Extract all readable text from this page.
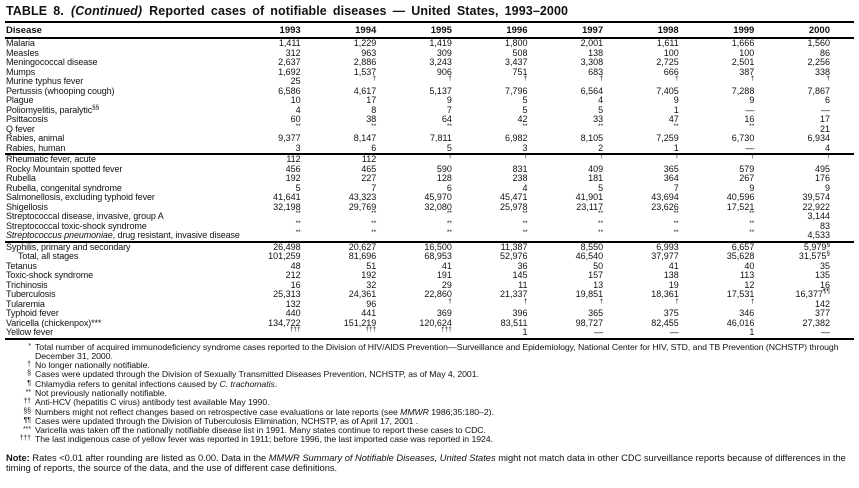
TABLE 8. (Continued) Reported cases of notifiable diseases — United States, 1993–2000
Disease	1993	1994	1995	1996	1997	1998	1999	2000
Malaria	1,411	1,229	1,419	1,800	2,001	1,611	1,666	1,560
Measles	312	963	309	508	138	100	100	86
Meningococcal disease	2,637	2,886	3,243	3,437	3,308	2,725	2,501	2,256
Mumps	1,692	1,537	906	751	683	666	387	338
Murine typhus fever	25	†	†	†	†	†	†	†
Pertussis (whooping cough)	6,586	4,617	5,137	7,796	6,564	7,405	7,288	7,867
Plague	10	17	9	5	4	9	9	6
Poliomyelitis, paralytic§§	4	8	7	5	5	1	—	—
Psittacosis	60	38	64	42	33	47	16	17
Q fever	**	**	**	**	**	**	**	21
Rabies, animal	9,377	8,147	7,811	6,982	8,105	7,259	6,730	6,934
Rabies, human	3	6	5	3	2	1	—	4
Rheumatic fever, acute	112	112	†	†	†	†	†	†
Rocky Mountain spotted fever	456	465	590	831	409	365	579	495
Rubella	192	227	128	238	181	364	267	176
Rubella, congenital syndrome	5	7	6	4	5	7	9	9
Salmonellosis, excluding typhoid fever	41,641	43,323	45,970	45,471	41,901	43,694	40,596	39,574
Shigellosis	32,198	29,769	32,080	25,978	23,117	23,626	17,521	22,922
Streptococcal disease, invasive, group A	**	**	**	**	**	**	**	3,144
Streptococcal toxic-shock syndrome	**	**	**	**	**	**	**	83
Streptococcus pneumoniae, drug resistant, invasive disease	**	**	**	**	**	**	**	4,533
Syphilis, primary and secondary	26,498	20,627	16,500	11,387	8,550	6,993	6,657	5,979§
Total, all stages	101,259	81,696	68,953	52,976	46,540	37,977	35,628	31,575§
Tetanus	48	51	41	36	50	41	40	35
Toxic-shock syndrome	212	192	191	145	157	138	113	135
Trichinosis	16	32	29	11	13	19	12	16
Tuberculosis	25,313	24,361	22,860	21,337	19,851	18,361	17,531	16,377¶¶
Tularemia	132	96	†	†	†	†	†	142
Typhoid fever	440	441	369	396	365	375	346	377
Varicella (chickenpox)***	134,722	151,219	120,624	83,511	98,727	82,455	46,016	27,382
Yellow fever	†††	†††	†††	1	—	—	1	—
* Total number of acquired immunodeficiency syndrome cases reported to the Division of HIV/AIDS Prevention—Surveillance and Epidemiology, National Center for HIV, STD, and TB Prevention (NCHSTP) through December 31, 2000.
† No longer nationally notifiable.
§ Cases were updated through the Division of Sexually Transmitted Diseases Prevention, NCHSTP, as of May 4, 2001.
¶ Chlamydia refers to genital infections caused by C. trachomatis.
** Not previously nationally notifiable.
†† Anti-HCV (hepatitis C virus) antibody test available May 1990.
§§ Numbers might not reflect changes based on retrospective case evaluations or late reports (see MMWR 1986;35:180–2).
¶¶ Cases were updated through the Division of Tuberculosis Elimination, NCHSTP, as of April 17, 2001 .
*** Varicella was taken off the nationally notifiable disease list in 1991. Many states continue to report these cases to CDC.
††† The last indigenous case of yellow fever was reported in 1911; before 1996, the last imported case was reported in 1924.
Note: Rates <0.01 after rounding are listed as 0.00. Data in the MMWR Summary of Notifiable Diseases, United States might not match data in other CDC surveillance reports because of differences in the timing of reports, the source of the data, and the use of different case definitions.
